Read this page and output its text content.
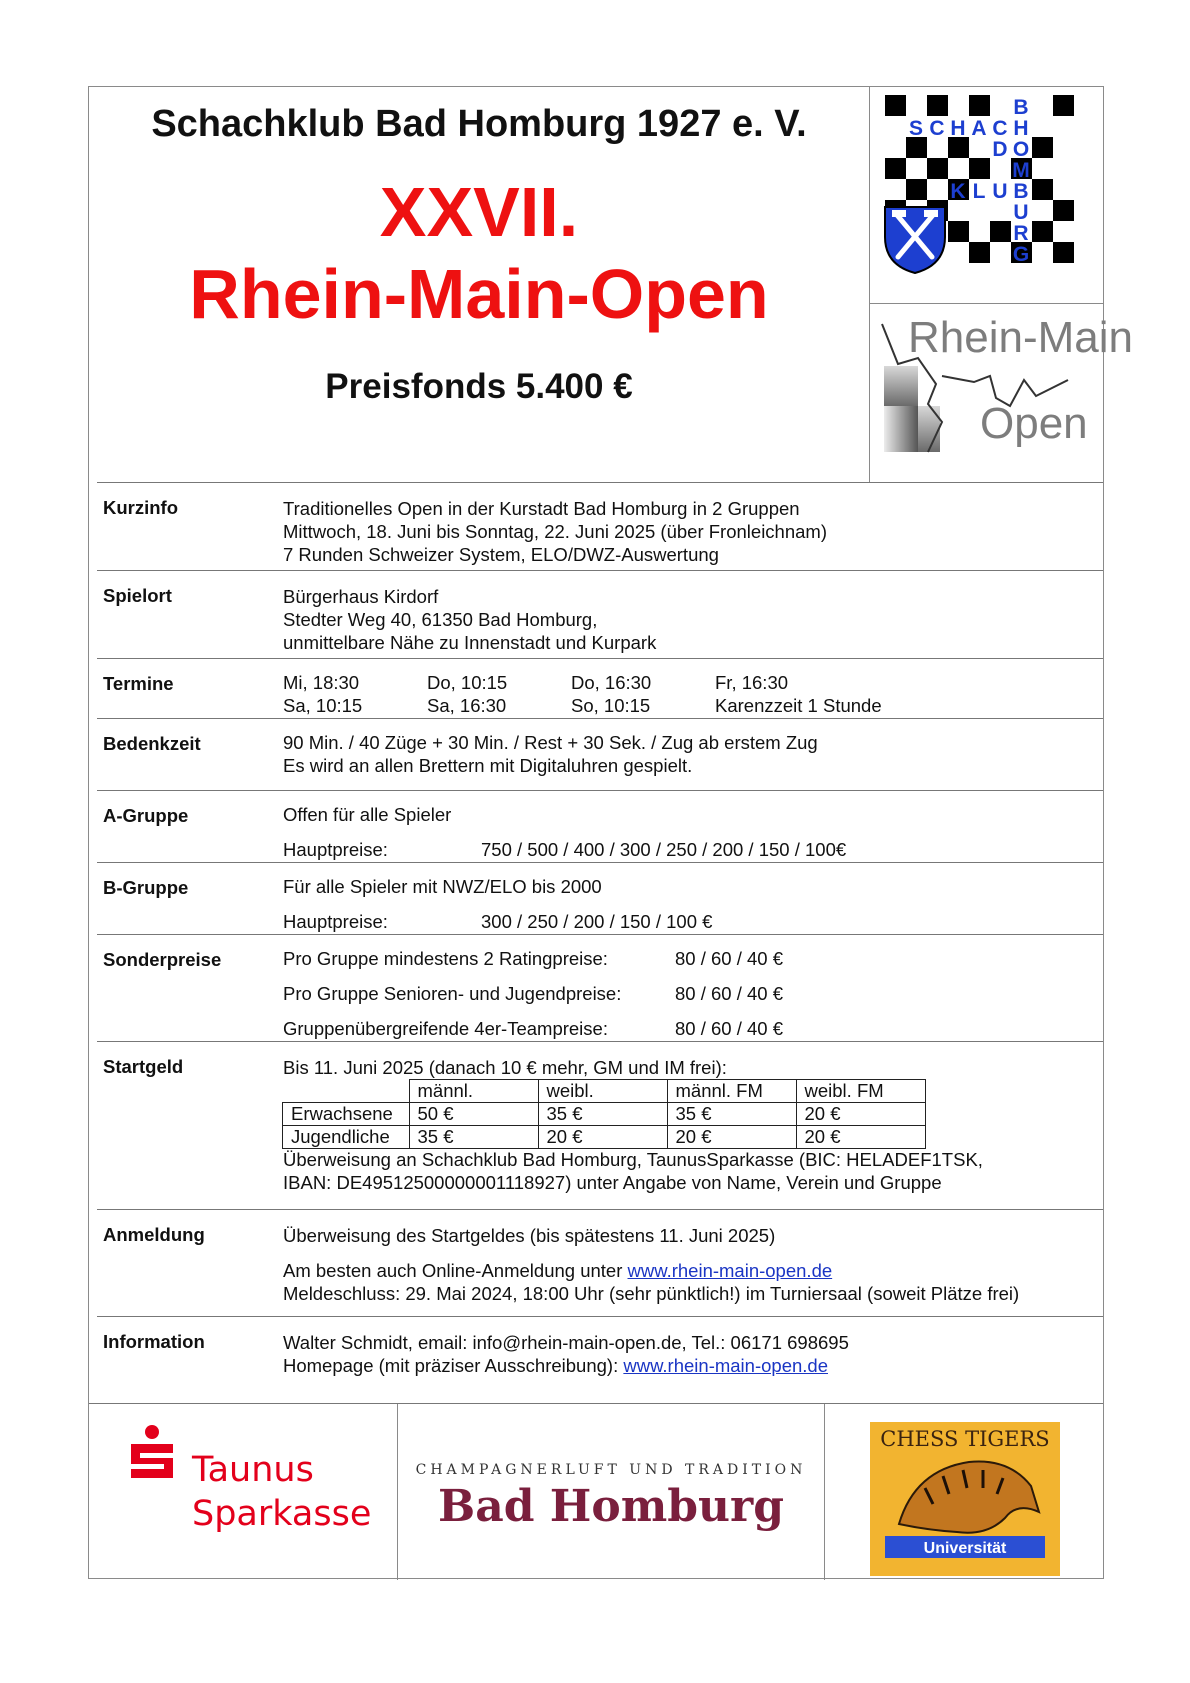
Schachklub Bad Homburg 1927 e. V.
XXVII.
Rhein-Main-Open
Preisfonds 5.400 €
B
S C H A C H
D O
M
K L U B
U
R
G
Rhein-Main
Open
Kurzinfo	Traditionelles Open in der Kurstadt Bad Homburg in 2 Gruppen
Mittwoch, 18. Juni bis Sonntag, 22. Juni 2025 (über Fronleichnam)
7 Runden Schweizer System, ELO/DWZ-Auswertung
Spielort	Bürgerhaus Kirdorf
Stedter Weg 40, 61350 Bad Homburg,
unmittelbare Nähe zu Innenstadt und Kurpark
Termine	Mi, 18:30	Do, 10:15	Do, 16:30	Fr, 16:30
Sa, 10:15	Sa, 16:30	So, 10:15	Karenzzeit 1 Stunde
Bedenkzeit	90 Min. / 40 Züge + 30 Min. / Rest + 30 Sek. / Zug ab erstem Zug
Es wird an allen Brettern mit Digitaluhren gespielt.
A-Gruppe	Offen für alle Spieler
Hauptpreise:	750 / 500 / 400 / 300 / 250 / 200 / 150 / 100€
B-Gruppe	Für alle Spieler mit NWZ/ELO bis 2000
Hauptpreise:	300 / 250 / 200 / 150 / 100 €
Sonderpreise	Pro Gruppe mindestens 2 Ratingpreise:	80 / 60 / 40 €
Pro Gruppe Senioren- und Jugendpreise:	80 / 60 / 40 €
Gruppenübergreifende 4er-Teampreise:	80 / 60 / 40 €
Startgeld	Bis 11. Juni 2025 (danach 10 € mehr, GM und IM frei):
	männl.	weibl.	männl. FM	weibl. FM
Erwachsene	50 €	35 €	35 €	20 €
Jugendliche	35 €	20 €	20 €	20 €
Überweisung an Schachklub Bad Homburg, TaunusSparkasse (BIC: HELADEF1TSK,
IBAN: DE49512500000001118927) unter Angabe von Name, Verein und Gruppe
Anmeldung	Überweisung des Startgeldes (bis spätestens 11. Juni 2025)
Am besten auch Online-Anmeldung unter www.rhein-main-open.de
Meldeschluss: 29. Mai 2024, 18:00 Uhr (sehr pünktlich!) im Turniersaal (soweit Plätze frei)
Information	Walter Schmidt, email: info@rhein-main-open.de, Tel.: 06171 698695
Homepage (mit präziser Ausschreibung): www.rhein-main-open.de
Taunus
Sparkasse
CHAMPAGNERLUFT UND TRADITION
Bad Homburg
CHESS TIGERS
Universität
